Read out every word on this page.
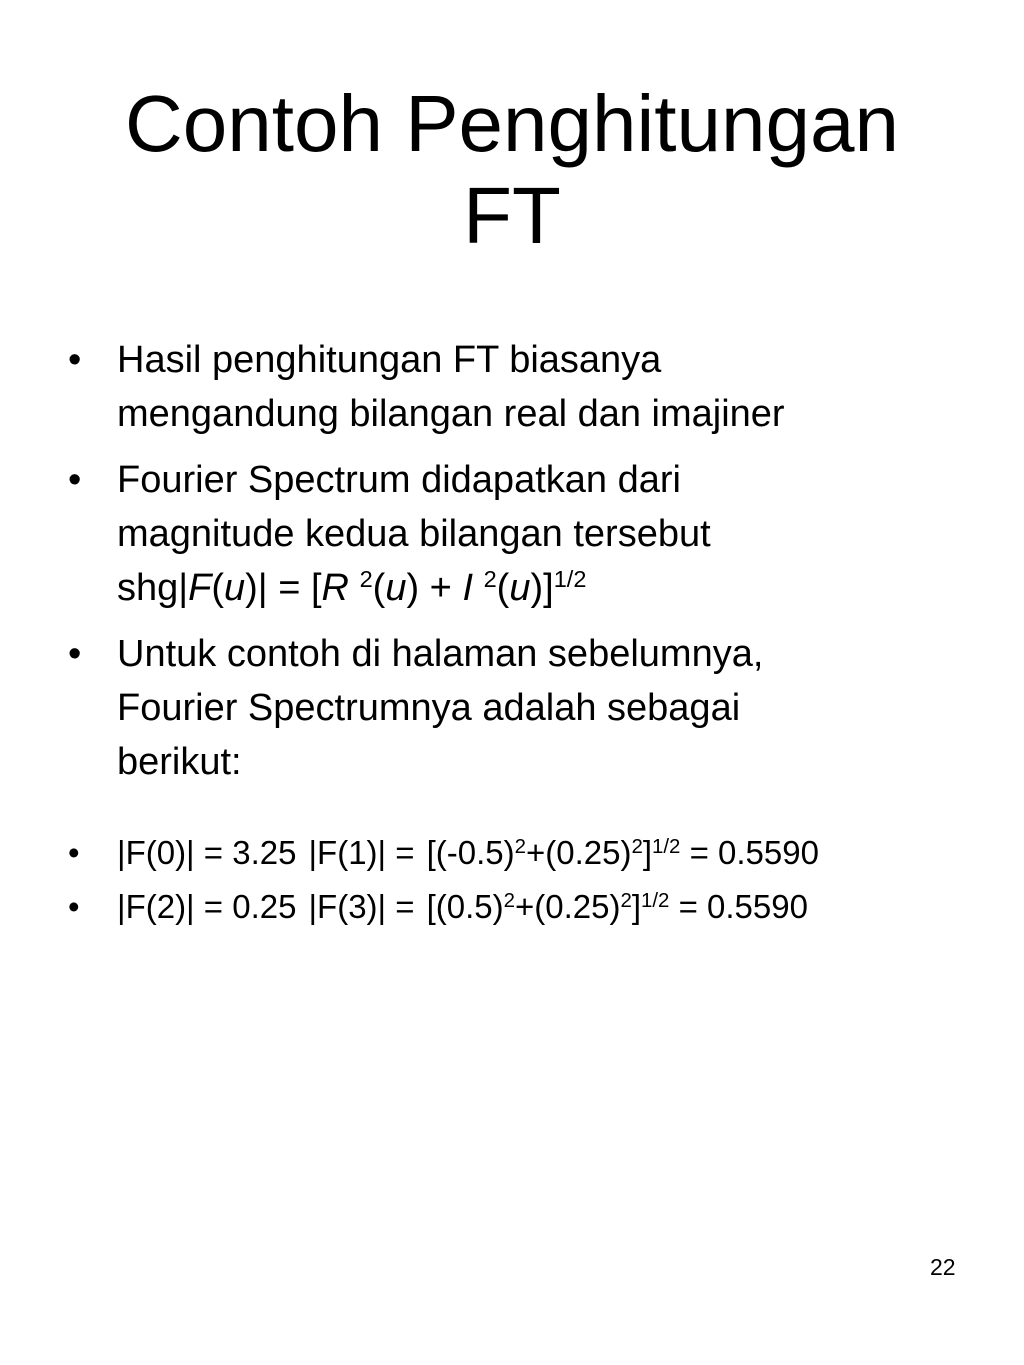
Contoh Penghitungan
FT
• Hasil penghitungan FT biasanya
mengandung bilangan real dan imajiner
• Fourier Spectrum didapatkan dari
magnitude kedua bilangan tersebut
shg|F(u)| = [R $^2$(u) + I $^2$(u)]$^{1/2}$
• Untuk contoh di halaman sebelumnya,
Fourier Spectrumnya adalah sebagai
berikut:
• |F(0)| = 3.25 $|F(1)| = [(-0.5)^2+(0.25)^2]^{1/2} = 0.5590$
• |F(2)| = 0.25 $|F(3)| = [(0.5)^2+(0.25)^2]^{1/2} = 0.5590$
22
